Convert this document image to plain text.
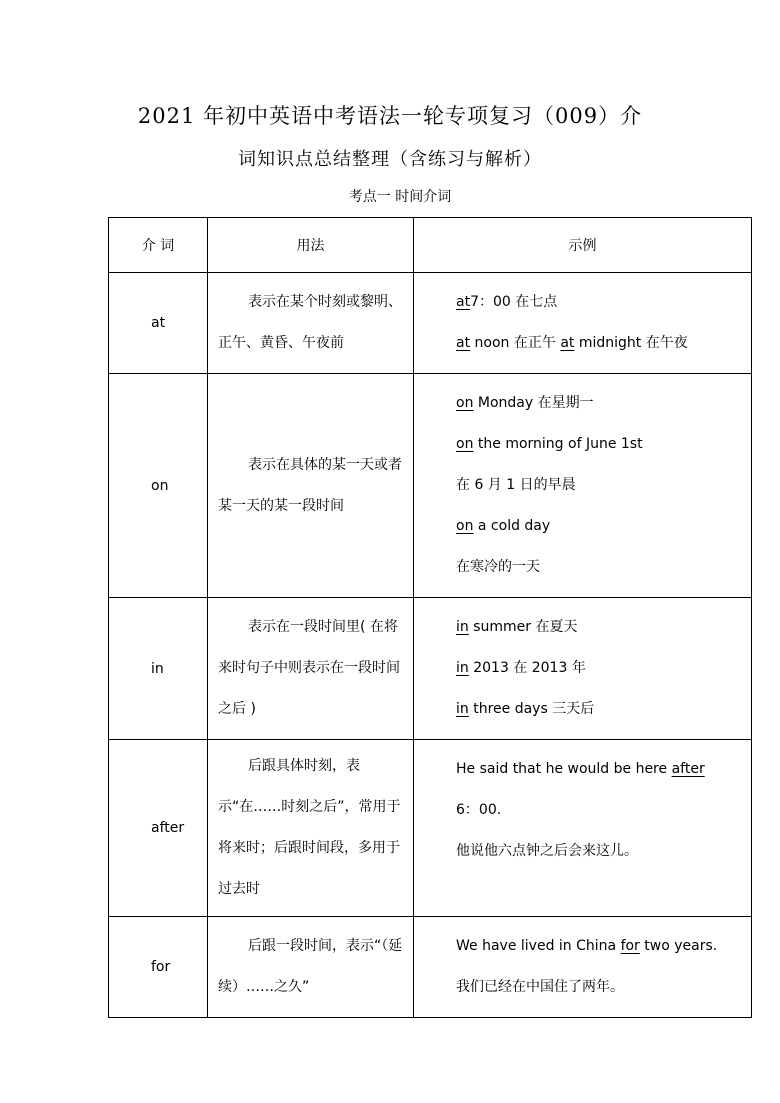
2021 年初中英语中考语法一轮专项复习（009）介
词知识点总结整理（含练习与解析）
考点一 时间介词
介 词	用法	示例
at	表示在某个时刻或黎明、正午、黄昏、午夜前	at7：00 在七点
at noon 在正午 at midnight 在午夜

on	表示在具体的某一天或者某一天的某一段时间	on Monday 在星期一
on the morning of June 1st
在 6 月 1 日的早晨
on a cold day
在寒冷的一天

in	表示在一段时间里( 在将来时句子中则表示在一段时间之后 )	in summer 在夏天
in 2013 在 2013 年
in three days 三天后

after	后跟具体时刻，表示“在……时刻之后”，常用于将来时；后跟时间段，多用于过去时	He said that he would be here after
6：00.
他说他六点钟之后会来这儿。

for	后跟一段时间，表示“（延续）……之久”	We have lived in China for two years.
我们已经在中国住了两年。
